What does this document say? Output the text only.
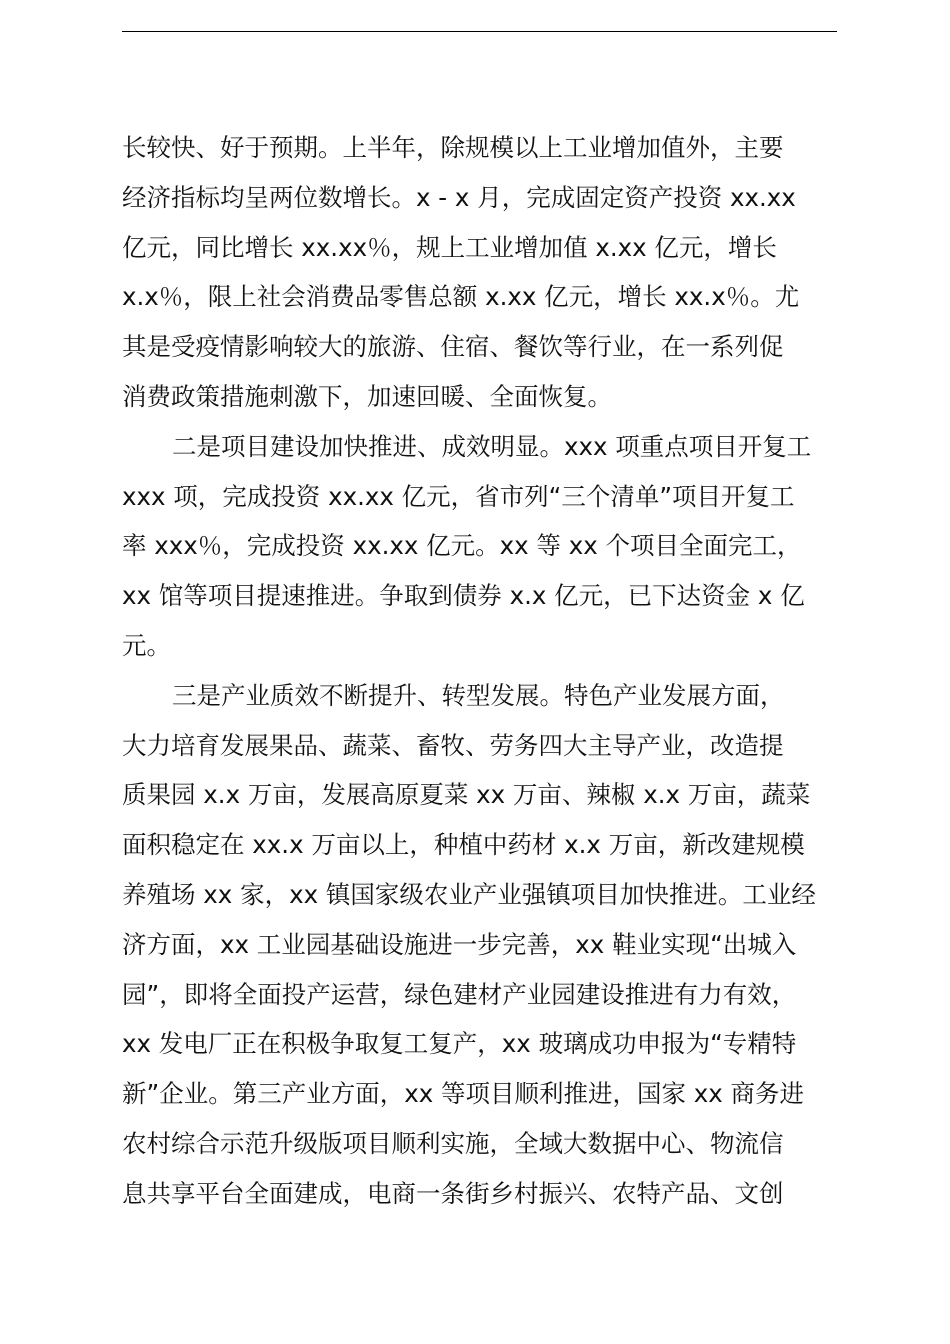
长较快、好于预期。上半年，除规模以上工业增加值外，主要
经济指标均呈两位数增长。x - x 月，完成固定资产投资 xx.xx
亿元，同比增长 xx.xx％，规上工业增加值 x.xx 亿元，增长
x.x％，限上社会消费品零售总额 x.xx 亿元，增长 xx.x％。尤
其是受疫情影响较大的旅游、住宿、餐饮等行业，在一系列促
消费政策措施刺激下，加速回暖、全面恢复。
二是项目建设加快推进、成效明显。xxx 项重点项目开复工
xxx 项，完成投资 xx.xx 亿元，省市列“三个清单”项目开复工
率 xxx％，完成投资 xx.xx 亿元。xx 等 xx 个项目全面完工，
xx 馆等项目提速推进。争取到债券 x.x 亿元，已下达资金 x 亿
元。
三是产业质效不断提升、转型发展。特色产业发展方面，
大力培育发展果品、蔬菜、畜牧、劳务四大主导产业，改造提
质果园 x.x 万亩，发展高原夏菜 xx 万亩、辣椒 x.x 万亩，蔬菜
面积稳定在 xx.x 万亩以上，种植中药材 x.x 万亩，新改建规模
养殖场 xx 家，xx 镇国家级农业产业强镇项目加快推进。工业经
济方面，xx 工业园基础设施进一步完善，xx 鞋业实现“出城入
园”，即将全面投产运营，绿色建材产业园建设推进有力有效，
xx 发电厂正在积极争取复工复产，xx 玻璃成功申报为“专精特
新”企业。第三产业方面，xx 等项目顺利推进，国家 xx 商务进
农村综合示范升级版项目顺利实施，全域大数据中心、物流信
息共享平台全面建成，电商一条街乡村振兴、农特产品、文创
